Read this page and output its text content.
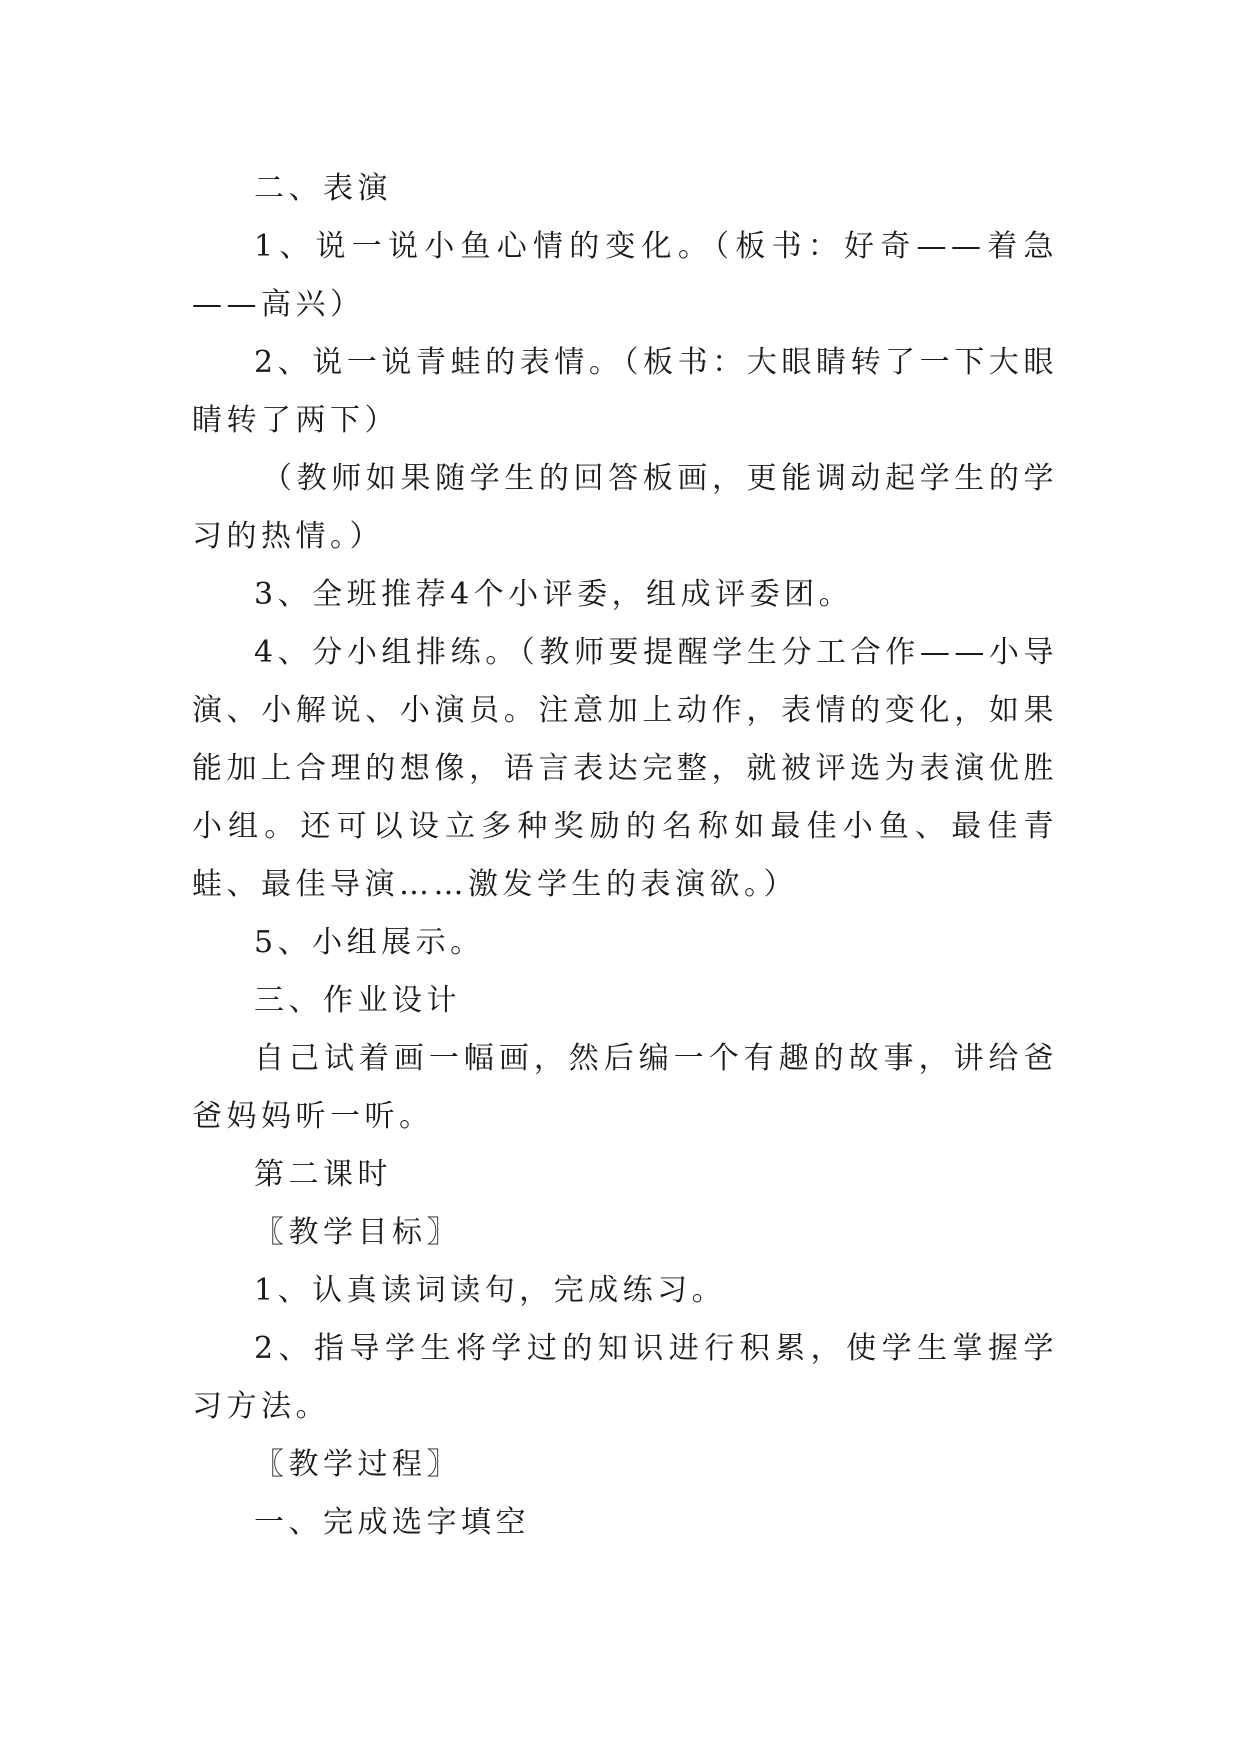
二、表演

1、说一说小鱼心情的变化。（板书：好奇——着急——高兴）

2、说一说青蛙的表情。（板书：大眼睛转了一下大眼睛转了两下）

（教师如果随学生的回答板画，更能调动起学生的学习的热情。）

3、全班推荐4个小评委，组成评委团。

4、分小组排练。（教师要提醒学生分工合作——小导演、小解说、小演员。注意加上动作，表情的变化，如果能加上合理的想像，语言表达完整，就被评选为表演优胜小组。还可以设立多种奖励的名称如最佳小鱼、最佳青蛙、最佳导演……激发学生的表演欲。）

5、小组展示。

三、作业设计

自己试着画一幅画，然后编一个有趣的故事，讲给爸爸妈妈听一听。

第二课时

〖教学目标〗

1、认真读词读句，完成练习。

2、指导学生将学过的知识进行积累，使学生掌握学习方法。

〖教学过程〗

一、完成选字填空
